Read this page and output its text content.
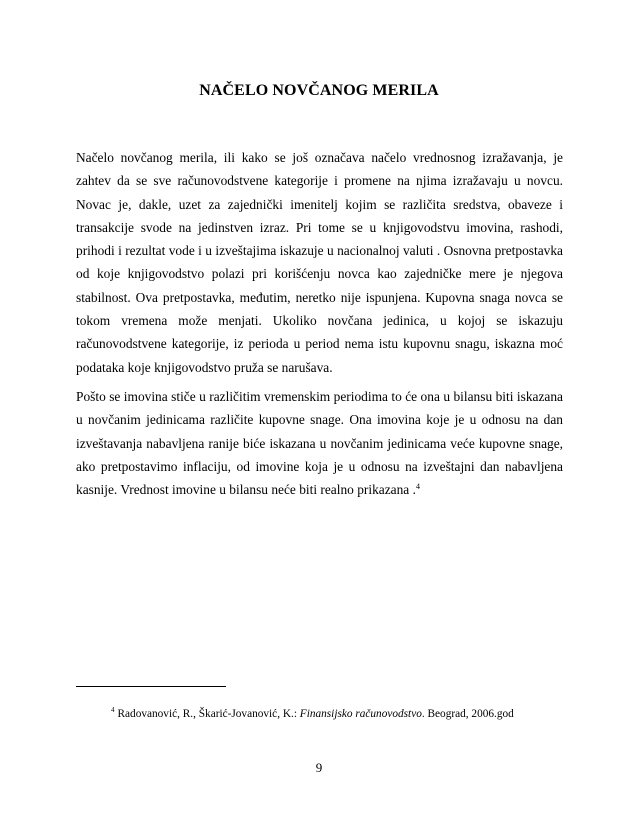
NAČELO NOVČANOG MERILA

Načelo novčanog merila, ili kako se još označava načelo vrednosnog izražavanja, je zahtev da se sve računovodstvene kategorije i promene na njima izražavaju u novcu. Novac je, dakle, uzet za zajednički imenitelj kojim se različita sredstva, obaveze i transakcije svode na jedinstven izraz. Pri tome se u knjigovodstvu imovina, rashodi, prihodi i rezultat vode i u izveštajima iskazuje u nacionalnoj valuti . Osnovna pretpostavka od koje knjigovodstvo polazi pri korišćenju novca kao zajedničke mere je njegova stabilnost. Ova pretpostavka, međutim, neretko nije ispunjena. Kupovna snaga novca se tokom vremena može menjati. Ukoliko novčana jedinica, u kojoj se iskazuju računovodstvene kategorije, iz perioda u period nema istu kupovnu snagu, iskazna moć podataka koje knjigovodstvo pruža se narušava.

Pošto se imovina stiče u različitim vremenskim periodima to će ona u bilansu biti iskazana u novčanim jedinicama različite kupovne snage. Ona imovina koje je u odnosu na dan izveštavanja nabavljena ranije biće iskazana u novčanim jedinicama veće kupovne snage, ako pretpostavimo inflaciju, od imovine koja je u odnosu na izveštajni dan nabavljena kasnije. Vrednost imovine u bilansu neće biti realno prikazana .$^4$

$^4$ Radovanović, R., Škarić-Jovanović, K.: Finansijsko računovodstvo. Beograd, 2006.god
9
